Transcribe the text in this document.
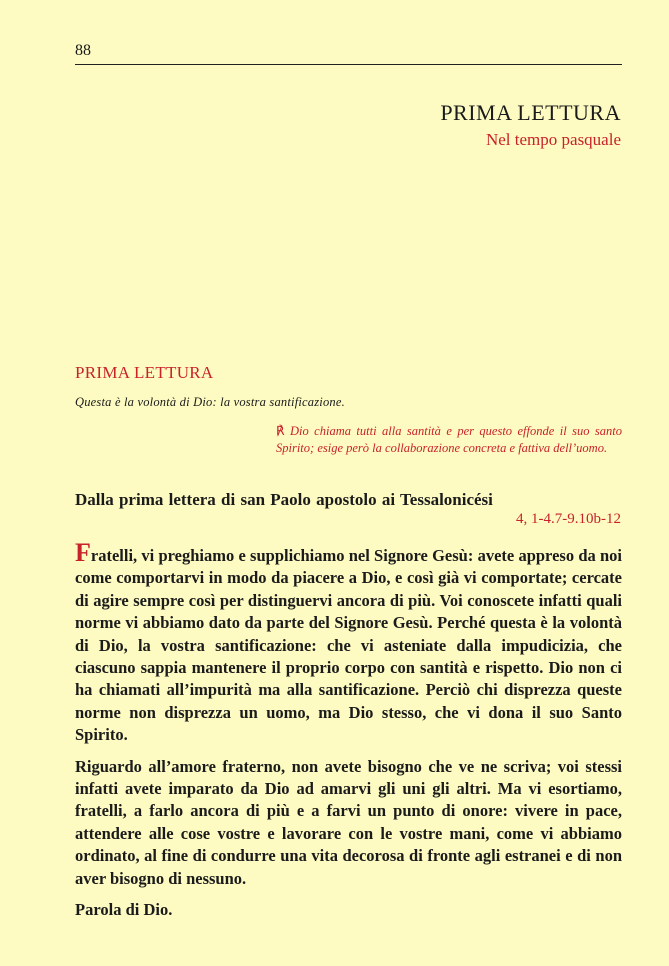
88
PRIMA LETTURA
Nel tempo pasquale
PRIMA LETTURA
Questa è la volontà di Dio: la vostra santificazione.
℟ Dio chiama tutti alla santità e per questo effonde il suo santo Spirito; esige però la collaborazione concreta e fattiva dell’uomo.
Dalla prima lettera di san Paolo apostolo ai Tessalonicési
4, 1-4.7-9.10b-12

Fratelli, vi preghiamo e supplichiamo nel Signore Gesù: avete appreso da noi come comportarvi in modo da piacere a Dio, e così già vi comportate; cercate di agire sempre così per distinguervi ancora di più. Voi conoscete infatti quali norme vi abbiamo dato da parte del Signore Gesù. Perché questa è la volontà di Dio, la vostra santificazione: che vi asteniate dalla impudicizia, che ciascuno sappia mantenere il proprio corpo con santità e rispetto. Dio non ci ha chiamati all’impurità ma alla santificazione. Perciò chi disprezza queste norme non disprezza un uomo, ma Dio stesso, che vi dona il suo Santo Spirito.

Riguardo all’amore fraterno, non avete bisogno che ve ne scriva; voi stessi infatti avete imparato da Dio ad amarvi gli uni gli altri. Ma vi esortiamo, fratelli, a farlo ancora di più e a farvi un punto di onore: vivere in pace, attendere alle cose vostre e lavorare con le vostre mani, come vi abbiamo ordinato, al fine di condurre una vita decorosa di fronte agli estranei e di non aver bisogno di nessuno.

Parola di Dio.
